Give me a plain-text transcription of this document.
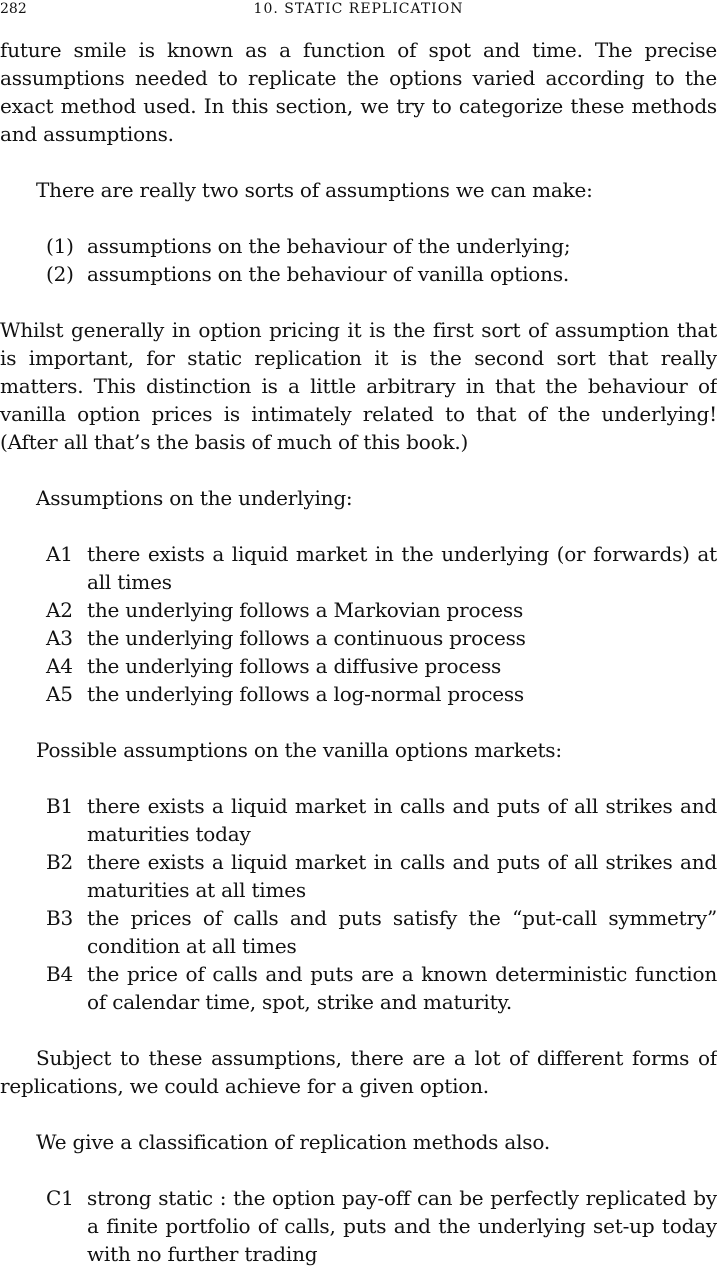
282	10. STATIC REPLICATION

future smile is known as a function of spot and time. The precise assumptions needed to replicate the options varied according to the exact method used. In this section, we try to categorize these methods and assumptions.

There are really two sorts of assumptions we can make:

(1) assumptions on the behaviour of the underlying;
(2) assumptions on the behaviour of vanilla options.

Whilst generally in option pricing it is the first sort of assumption that is important, for static replication it is the second sort that really matters. This distinction is a little arbitrary in that the behaviour of vanilla option prices is intimately related to that of the underlying! (After all that’s the basis of much of this book.)

Assumptions on the underlying:

A1 there exists a liquid market in the underlying (or forwards) at all times
A2 the underlying follows a Markovian process
A3 the underlying follows a continuous process
A4 the underlying follows a diffusive process
A5 the underlying follows a log-normal process

Possible assumptions on the vanilla options markets:

B1 there exists a liquid market in calls and puts of all strikes and maturities today
B2 there exists a liquid market in calls and puts of all strikes and maturities at all times
B3 the prices of calls and puts satisfy the “put-call symmetry” condition at all times
B4 the price of calls and puts are a known deterministic function of calendar time, spot, strike and maturity.

Subject to these assumptions, there are a lot of different forms of replications, we could achieve for a given option.

We give a classification of replication methods also.

C1 strong static : the option pay-off can be perfectly replicated by a finite portfolio of calls, puts and the underlying set-up today with no further trading
